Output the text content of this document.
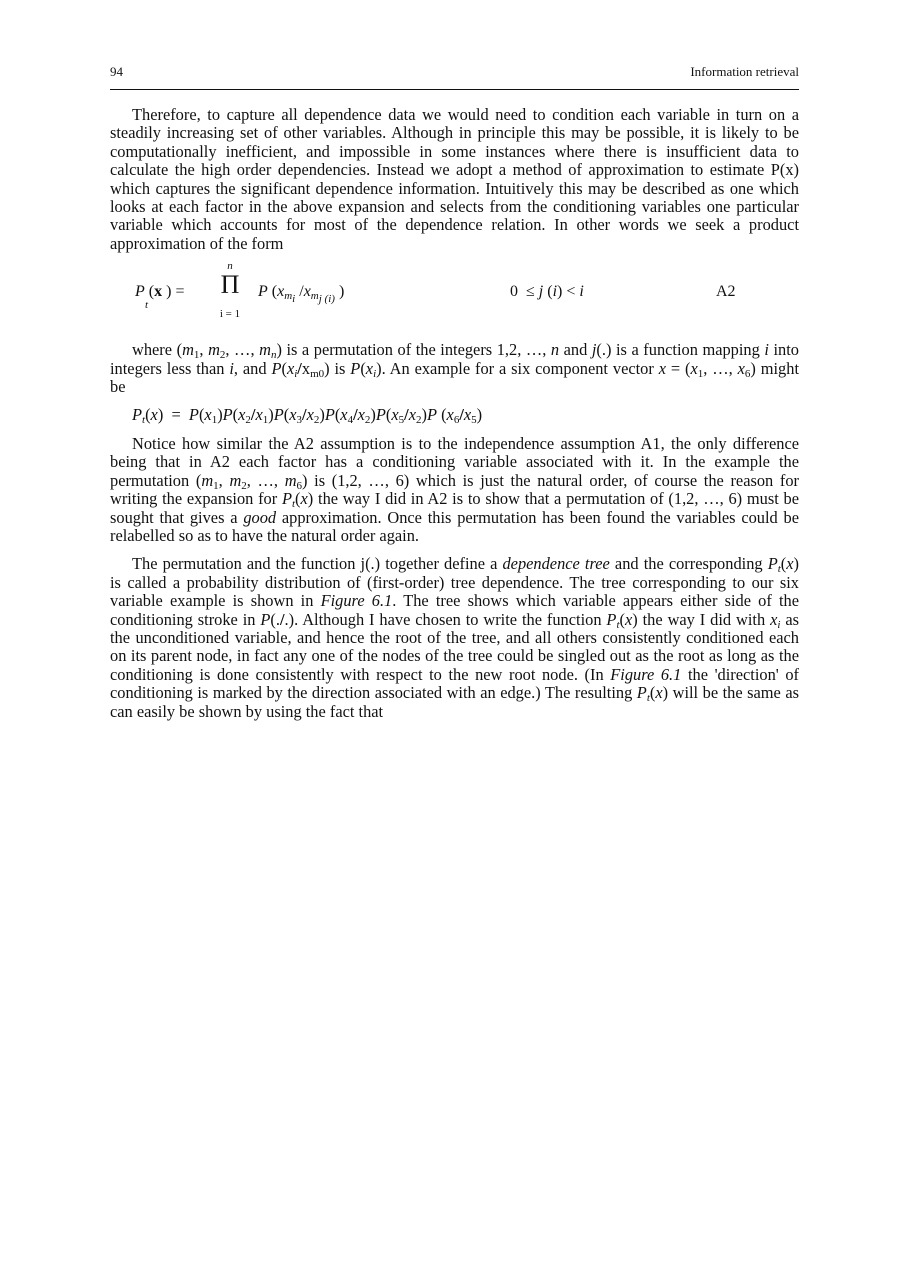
94	Information retrieval

Therefore, to capture all dependence data we would need to condition each variable in turn on a steadily increasing set of other variables. Although in principle this may be possible, it is likely to be computationally inefficient, and impossible in some instances where there is insufficient data to calculate the high order dependencies. Instead we adopt a method of approximation to estimate P(x) which captures the significant dependence information. Intuitively this may be described as one which looks at each factor in the above expansion and selects from the conditioning variables one particular variable which accounts for most of the dependence relation. In other words we seek a product approximation of the form

P (x ) =
t
n
Π
i = 1
P ($x_{m_i}$ $/x_{m_{j (i)}}$ )	0  ≤ j (i) < i	A2

where ($m_1$, $m_2$, …, $m_n$) is a permutation of the integers 1,2, …, n and j(.) is a function mapping i into integers less than i, and $P(x_i/x_{m0})$ is $P(x_i)$. An example for a six component vector $x = (x_1$, …, $x_6$) might be

$P_t(x) = P(x_1)P(x_2/x_1)P(x_3/x_2)P(x_4/x_2)P(x_5/x_2)P$ $(x_6/x_5)$

Notice how similar the A2 assumption is to the independence assumption A1, the only difference being that in A2 each factor has a conditioning variable associated with it. In the example the permutation ($m_1$, $m_2$, …, $m_6$) is (1,2, …, 6) which is just the natural order, of course the reason for writing the expansion for $P_t(x)$ the way I did in A2 is to show that a permutation of (1,2, …, 6) must be sought that gives a good approximation. Once this permutation has been found the variables could be relabelled so as to have the natural order again.

The permutation and the function j(.) together define a dependence tree and the corresponding $P_t(x)$ is called a probability distribution of (first-order) tree dependence. The tree corresponding to our six variable example is shown in Figure 6.1. The tree shows which variable appears either side of the conditioning stroke in P(./.). Although I have chosen to write the function $P_t(x)$ the way I did with $x_i$ as the unconditioned variable, and hence the root of the tree, and all others consistently conditioned each on its parent node, in fact any one of the nodes of the tree could be singled out as the root as long as the conditioning is done consistently with respect to the new root node. (In Figure 6.1 the 'direction' of conditioning is marked by the direction associated with an edge.) The resulting $P_t(x)$ will be the same as can easily be shown by using the fact that
